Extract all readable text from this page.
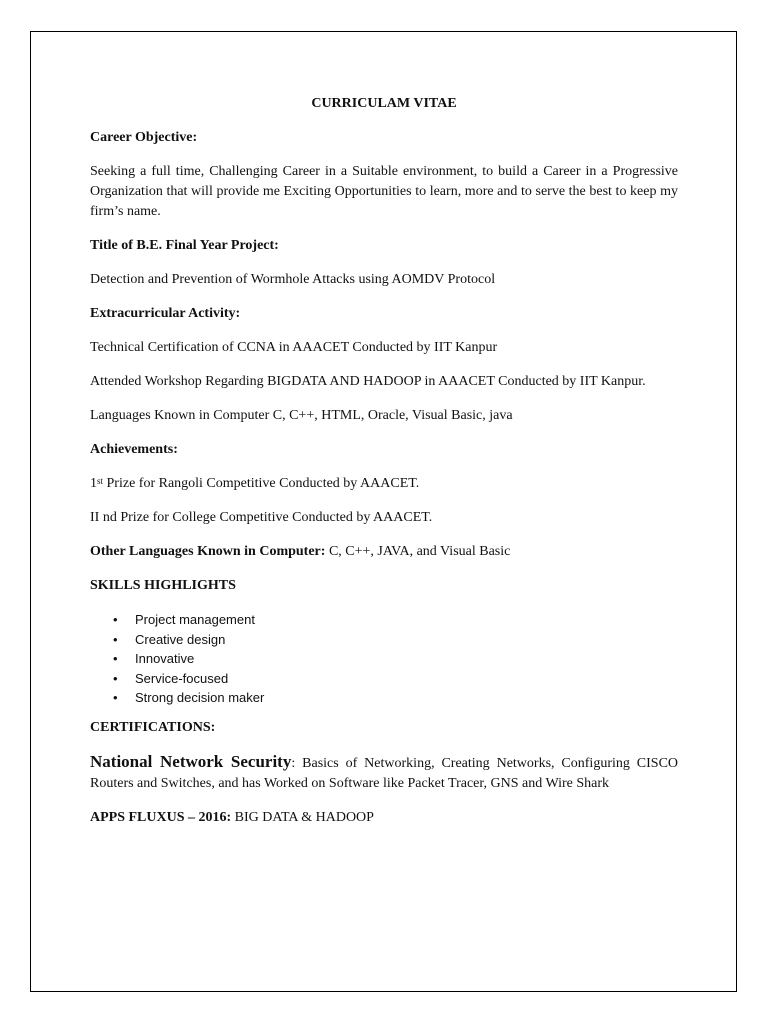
CURRICULAM VITAE
Career Objective:
Seeking a full time, Challenging Career in a Suitable environment, to build a Career in a Progressive Organization that will provide me Exciting Opportunities to learn, more and to serve the best to keep my firm’s name.
Title of B.E. Final Year Project:
Detection and Prevention of Wormhole Attacks using AOMDV Protocol
Extracurricular Activity:
Technical Certification of CCNA in AAACET Conducted by IIT Kanpur
Attended Workshop Regarding BIGDATA AND HADOOP in AAACET Conducted by IIT Kanpur.
Languages Known in Computer C, C++, HTML, Oracle, Visual Basic, java
Achievements:
1st Prize for Rangoli Competitive Conducted by AAACET.
II nd Prize for College Competitive Conducted by AAACET.
Other Languages Known in Computer: C, C++, JAVA, and Visual Basic
SKILLS HIGHLIGHTS
• Project management
• Creative design
• Innovative
• Service-focused
• Strong decision maker
CERTIFICATIONS:
National Network Security: Basics of Networking, Creating Networks, Configuring CISCO Routers and Switches, and has Worked on Software like Packet Tracer, GNS and Wire Shark
APPS FLUXUS – 2016: BIG DATA & HADOOP
